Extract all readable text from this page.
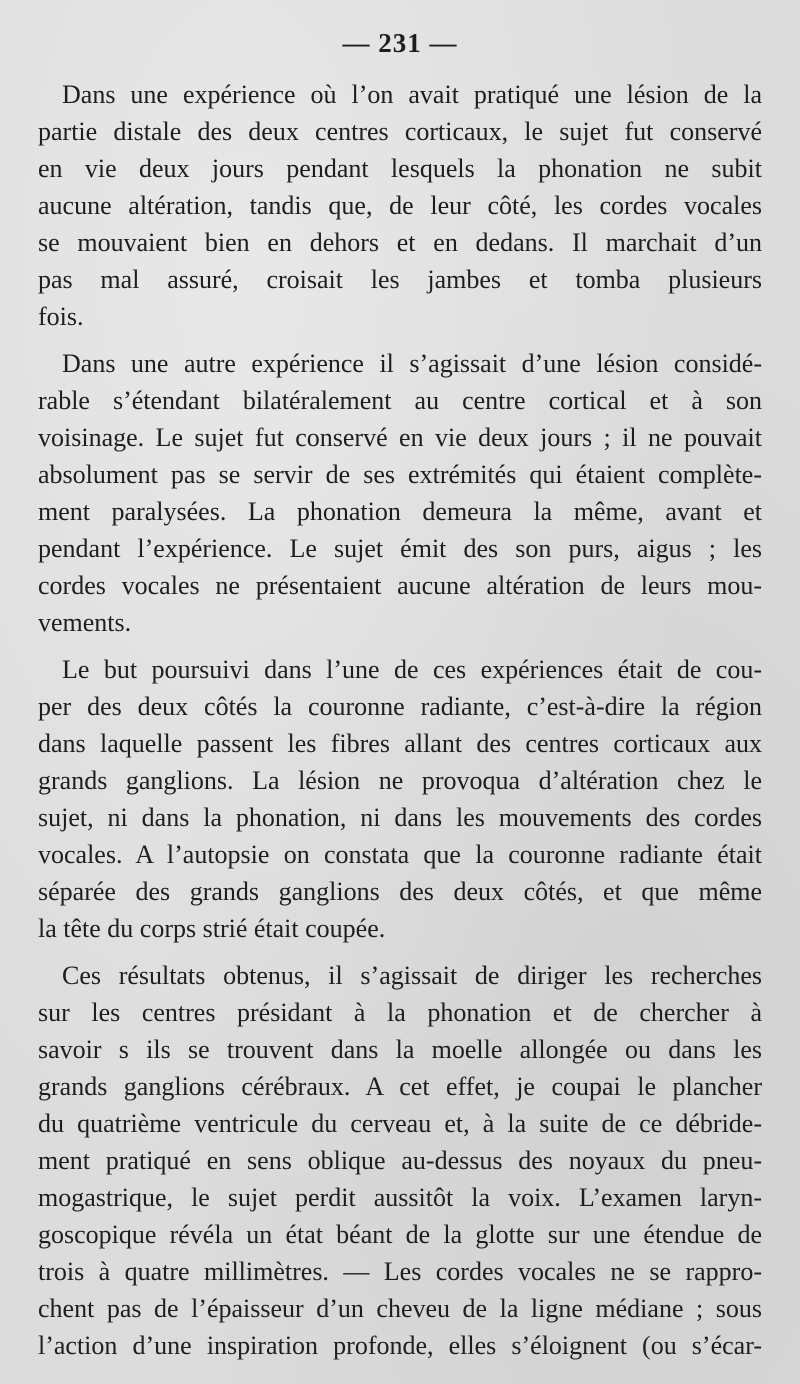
— 231 —

Dans une expérience où l’on avait pratiqué une lésion de la
partie distale des deux centres corticaux, le sujet fut conservé
en vie deux jours pendant lesquels la phonation ne subit
aucune altération, tandis que, de leur côté, les cordes vocales
se mouvaient bien en dehors et en dedans. Il marchait d’un
pas mal assuré, croisait les jambes et tomba plusieurs
fois.

Dans une autre expérience il s’agissait d’une lésion considé-
rable s’étendant bilatéralement au centre cortical et à son
voisinage. Le sujet fut conservé en vie deux jours ; il ne pouvait
absolument pas se servir de ses extrémités qui étaient complète-
ment paralysées. La phonation demeura la même, avant et
pendant l’expérience. Le sujet émit des son purs, aigus ; les
cordes vocales ne présentaient aucune altération de leurs mou-
vements.

Le but poursuivi dans l’une de ces expériences était de cou-
per des deux côtés la couronne radiante, c’est-à-dire la région
dans laquelle passent les fibres allant des centres corticaux aux
grands ganglions. La lésion ne provoqua d’altération chez le
sujet, ni dans la phonation, ni dans les mouvements des cordes
vocales. A l’autopsie on constata que la couronne radiante était
séparée des grands ganglions des deux côtés, et que même
la tête du corps strié était coupée.

Ces résultats obtenus, il s’agissait de diriger les recherches
sur les centres présidant à la phonation et de chercher à
savoir s ils se trouvent dans la moelle allongée ou dans les
grands ganglions cérébraux. A cet effet, je coupai le plancher
du quatrième ventricule du cerveau et, à la suite de ce débride-
ment pratiqué en sens oblique au-dessus des noyaux du pneu-
mogastrique, le sujet perdit aussitôt la voix. L’examen laryn-
goscopique révéla un état béant de la glotte sur une étendue de
trois à quatre millimètres. — Les cordes vocales ne se rappro-
chent pas de l’épaisseur d’un cheveu de la ligne médiane ; sous
l’action d’une inspiration profonde, elles s’éloignent (ou s’écar-
